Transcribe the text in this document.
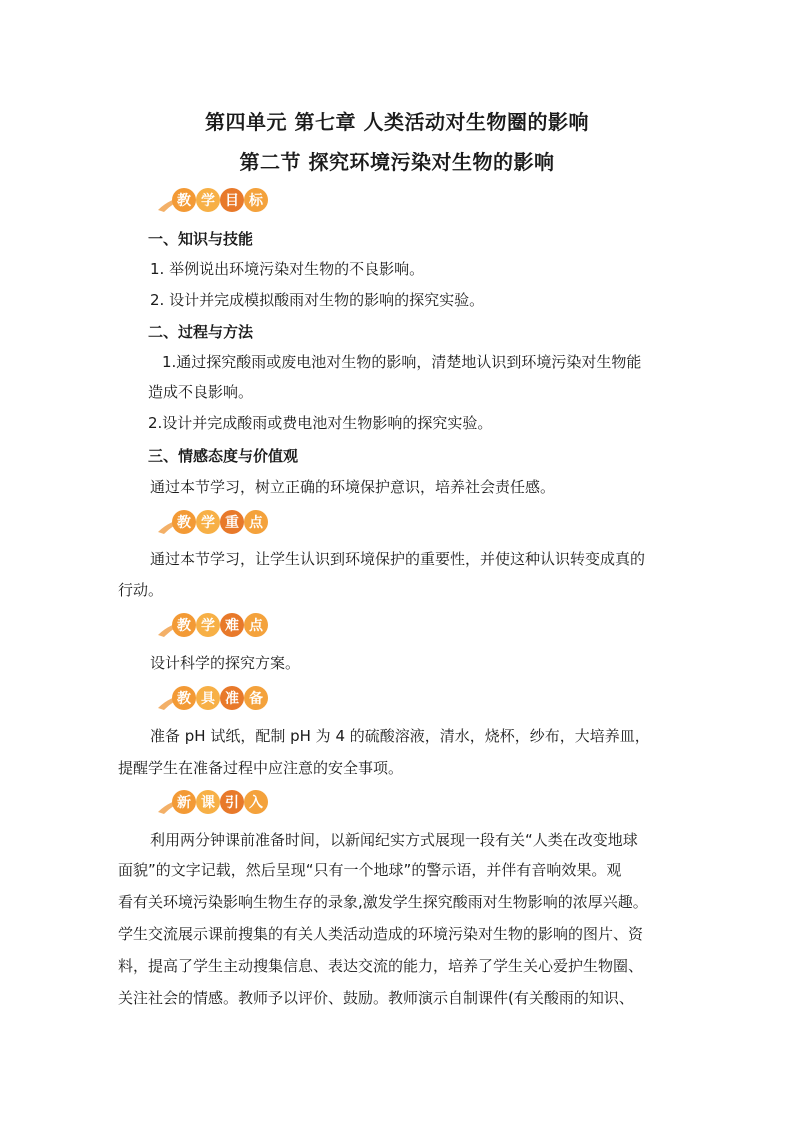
第四单元 第七章 人类活动对生物圈的影响
第二节 探究环境污染对生物的影响
教 学 目 标
一、知识与技能
1. 举例说出环境污染对生物的不良影响。
2. 设计并完成模拟酸雨对生物的影响的探究实验。
二、过程与方法
1.通过探究酸雨或废电池对生物的影响，清楚地认识到环境污染对生物能
造成不良影响。
2.设计并完成酸雨或费电池对生物影响的探究实验。
三、情感态度与价值观
通过本节学习，树立正确的环境保护意识，培养社会责任感。
教 学 重 点
通过本节学习，让学生认识到环境保护的重要性，并使这种认识转变成真的
行动。
教 学 难 点
设计科学的探究方案。
教 具 准 备
准备 pH 试纸，配制 pH 为 4 的硫酸溶液，清水，烧杯，纱布，大培养皿，
提醒学生在准备过程中应注意的安全事项。
新 课 引 入
利用两分钟课前准备时间，以新闻纪实方式展现一段有关“人类在改变地球
面貌”的文字记载，然后呈现“只有一个地球”的警示语，并伴有音响效果。观
看有关环境污染影响生物生存的录象,激发学生探究酸雨对生物影响的浓厚兴趣。
学生交流展示课前搜集的有关人类活动造成的环境污染对生物的影响的图片、资
料，提高了学生主动搜集信息、表达交流的能力，培养了学生关心爱护生物圈、
关注社会的情感。教师予以评价、鼓励。教师演示自制课件(有关酸雨的知识、
